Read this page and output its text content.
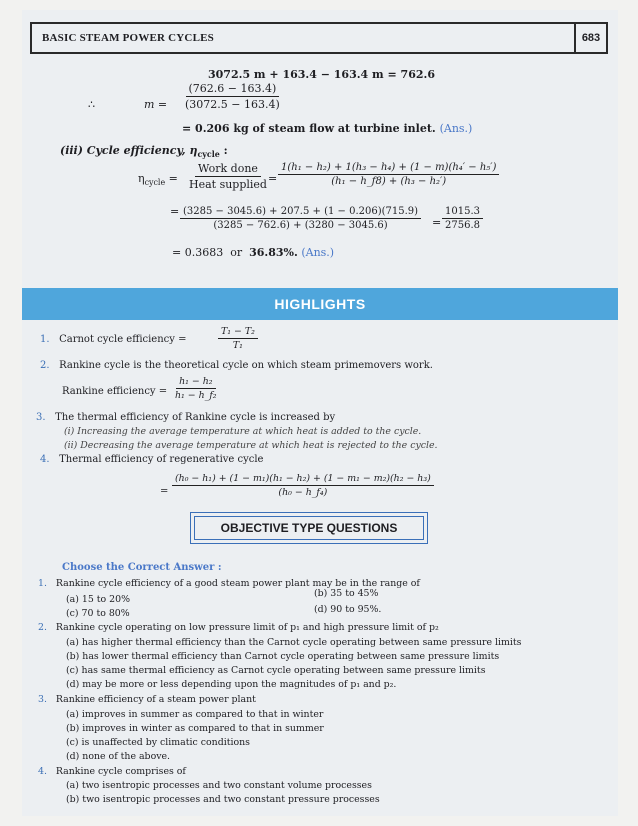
BASIC STEAM POWER CYCLES	683
3072.5 m + 163.4 − 163.4 m = 762.6
∴	$m = \frac{(762.6 - 163.4)}{(3072.5 - 163.4)}$
= 0.206 kg of steam flow at turbine inlet. (Ans.)
(iii) Cycle efficiency, $\eta_{cycle}$ :
$\eta_{cycle} = \frac{\text{Work done}}{\text{Heat supplied}}$
= $\frac{\text{1(h₁ − h₂) + 1(h₃ − h₄) + (1 − m)(h₄′ − h₅′)}}{\text{(h₁ − h\_f8) + (h₃ − h₂′)}}$
= $\frac{(3285 - 3045.6) + 207.5 + (1 - 0.206)(715.9)}{(3285 - 762.6) + (3280 - 3045.6)} = \frac{1015.3}{2756.8}$
= 0.3683 or 36.83%. (Ans.)
HIGHLIGHTS
1. Carnot cycle efficiency =	$\frac{\text{T₁ − T₂}}{\text{T₁}}$
2. Rankine cycle is the theoretical cycle on which steam primemovers work.
Rankine efficiency = $\frac{\text{h₁ − h₂}}{\text{h₁ − h\_f₂}}$
3. The thermal efficiency of Rankine cycle is increased by
(i) Increasing the average temperature at which heat is added to the cycle.
(ii) Decreasing the average temperature at which heat is rejected to the cycle.
4. Thermal efficiency of regenerative cycle
= $\frac{\text{(h₀ − h₁) + (1 − m₁)(h₁ − h₂) + (1 − m₁ − m₂)(h₂ − h₃)}}{\text{(h₀ − h\_f₄)}}$
OBJECTIVE TYPE QUESTIONS
Choose the Correct Answer :
1. Rankine cycle efficiency of a good steam power plant may be in the range of
(a) 15 to 20%
(b) 35 to 45%
(c) 70 to 80%	(d) 90 to 95%.
2. Rankine cycle operating on low pressure limit of p₁ and high pressure limit of p₂
(a) has higher thermal efficiency than the Carnot cycle operating between same pressure limits
(b) has lower thermal efficiency than Carnot cycle operating between same pressure limits
(c) has same thermal efficiency as Carnot cycle operating between same pressure limits
(d) may be more or less depending upon the magnitudes of p₁ and p₂.
3. Rankine efficiency of a steam power plant
(a) improves in summer as compared to that in winter
(b) improves in winter as compared to that in summer
(c) is unaffected by climatic conditions
(d) none of the above.
4. Rankine cycle comprises of
(a) two isentropic processes and two constant volume processes
(b) two isentropic processes and two constant pressure processes
